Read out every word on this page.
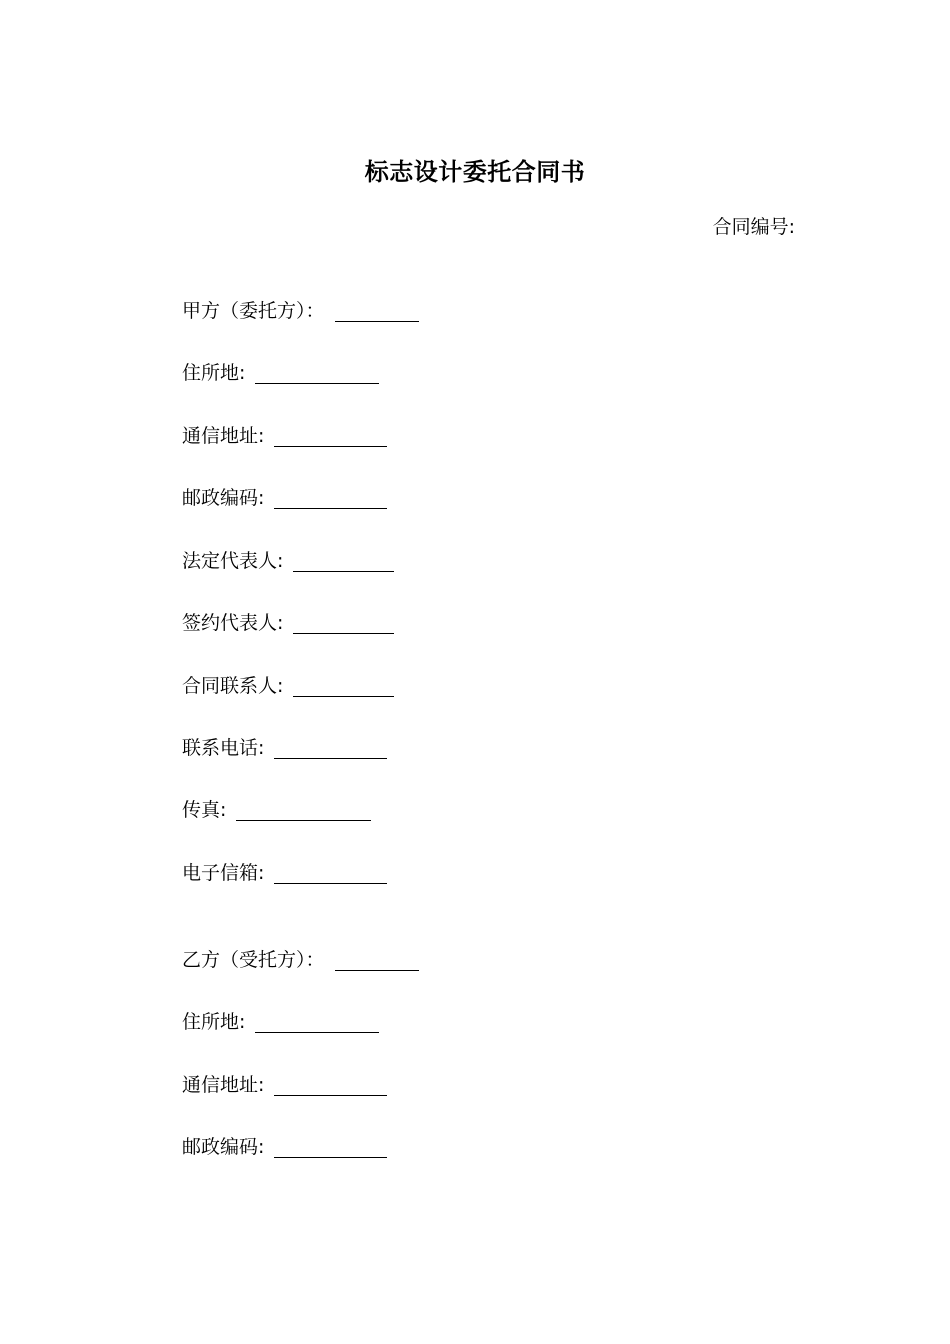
标志设计委托合同书
合同编号:
甲方（委托方）：
住所地:
通信地址:
邮政编码:
法定代表人:
签约代表人:
合同联系人:
联系电话:
传真:
电子信箱:
乙方（受托方）：
住所地:
通信地址:
邮政编码:
